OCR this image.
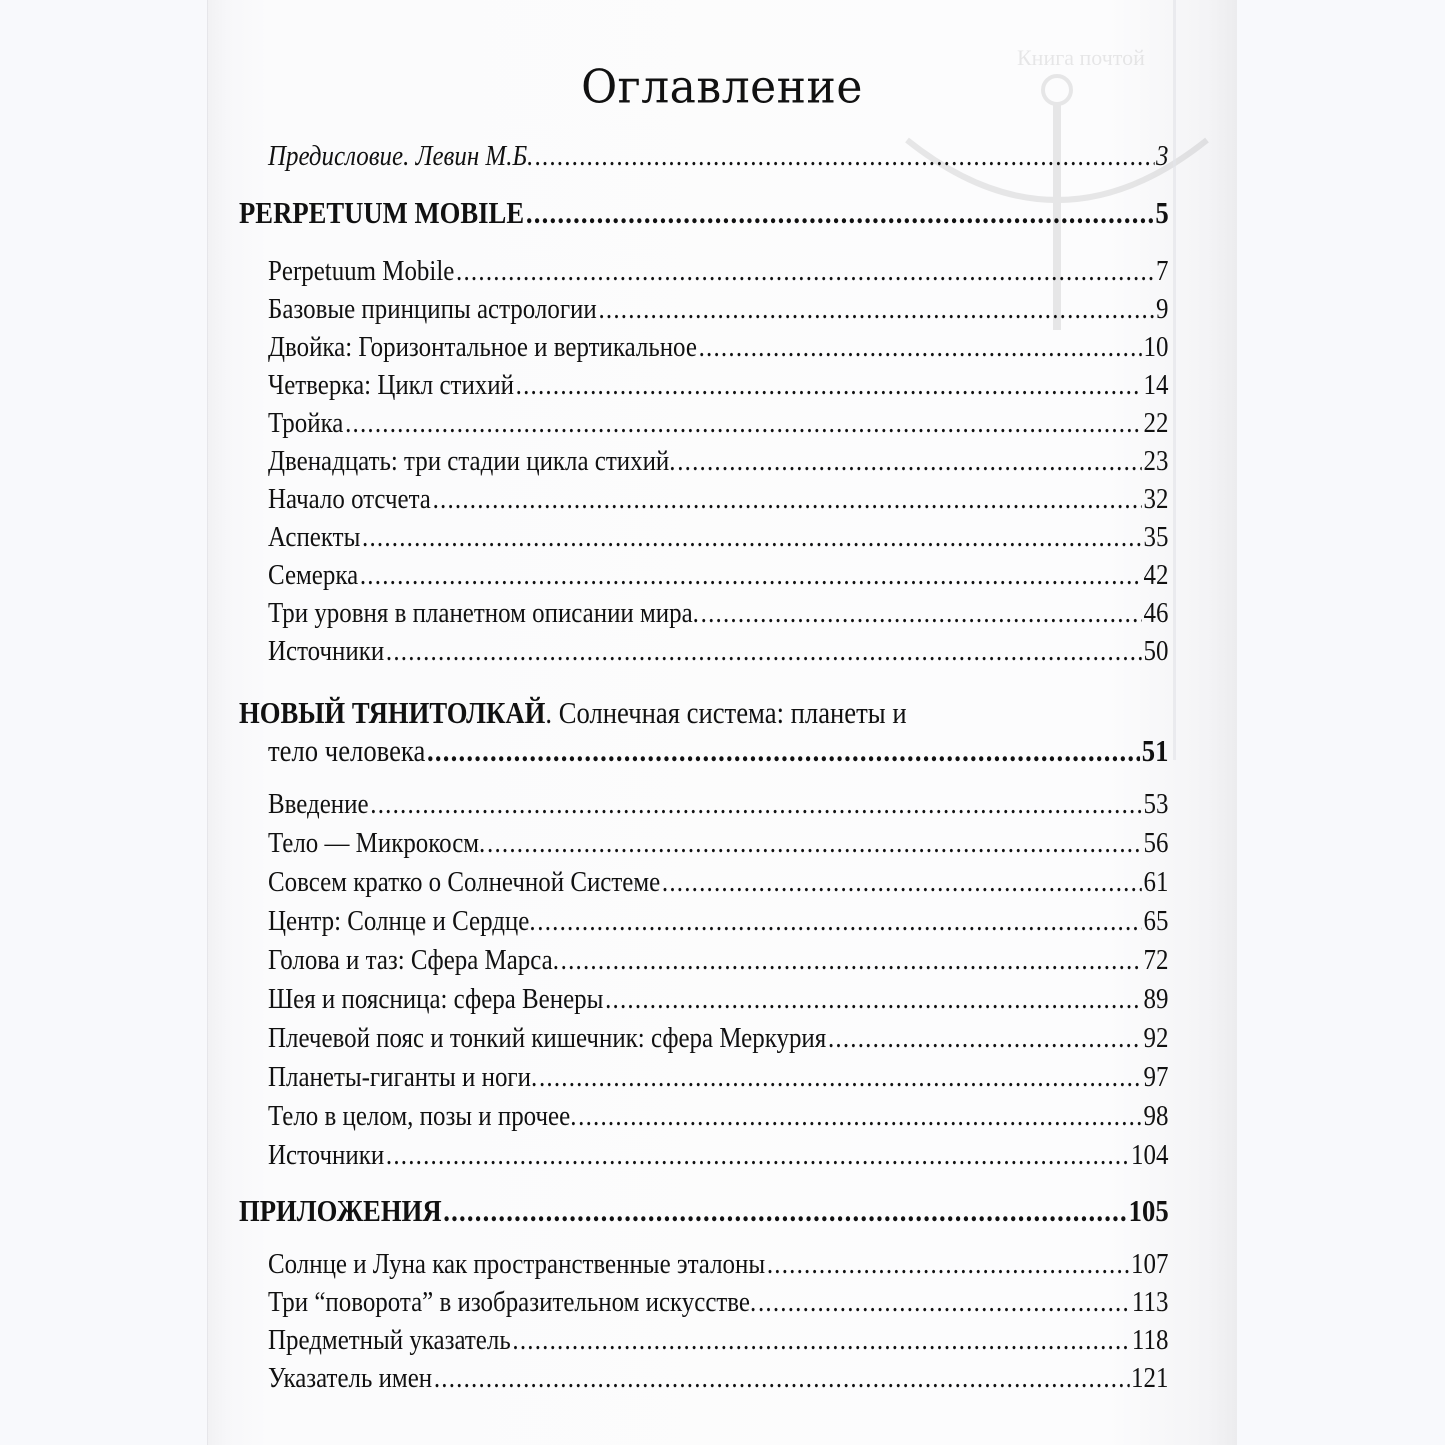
Книга почтой
Оглавление
Предисловие. Левин М.Б. .....	3
PERPETUUM MOBILE .....	5
Perpetuum Mobile .....	7
Базовые принципы астрологии .....	9
Двойка: Горизонтальное и вертикальное .....	10
Четверка: Цикл стихий .....	14
Тройка .....	22
Двенадцать: три стадии цикла стихий. .....	23
Начало отсчета .....	32
Аспекты .....	35
Семерка .....	42
Три уровня в планетном описании мира. .....	46
Источники .....	50
НОВЫЙ ТЯНИТОЛКАЙ. Солнечная система: планеты и
тело человека .....	51
Введение .....	53
Тело — Микрокосм. .....	56
Совсем кратко о Солнечной Системе .....	61
Центр: Солнце и Сердце. .....	65
Голова и таз: Сфера Марса. .....	72
Шея и поясница: сфера Венеры .....	89
Плечевой пояс и тонкий кишечник: сфера Меркурия .....	92
Планеты-гиганты и ноги. .....	97
Тело в целом, позы и прочее. .....	98
Источники .....	104
ПРИЛОЖЕНИЯ .....	105
Солнце и Луна как пространственные эталоны .....	107
Три “поворота” в изобразительном искусстве. .....	113
Предметный указатель .....	118
Указатель имен .....	121
